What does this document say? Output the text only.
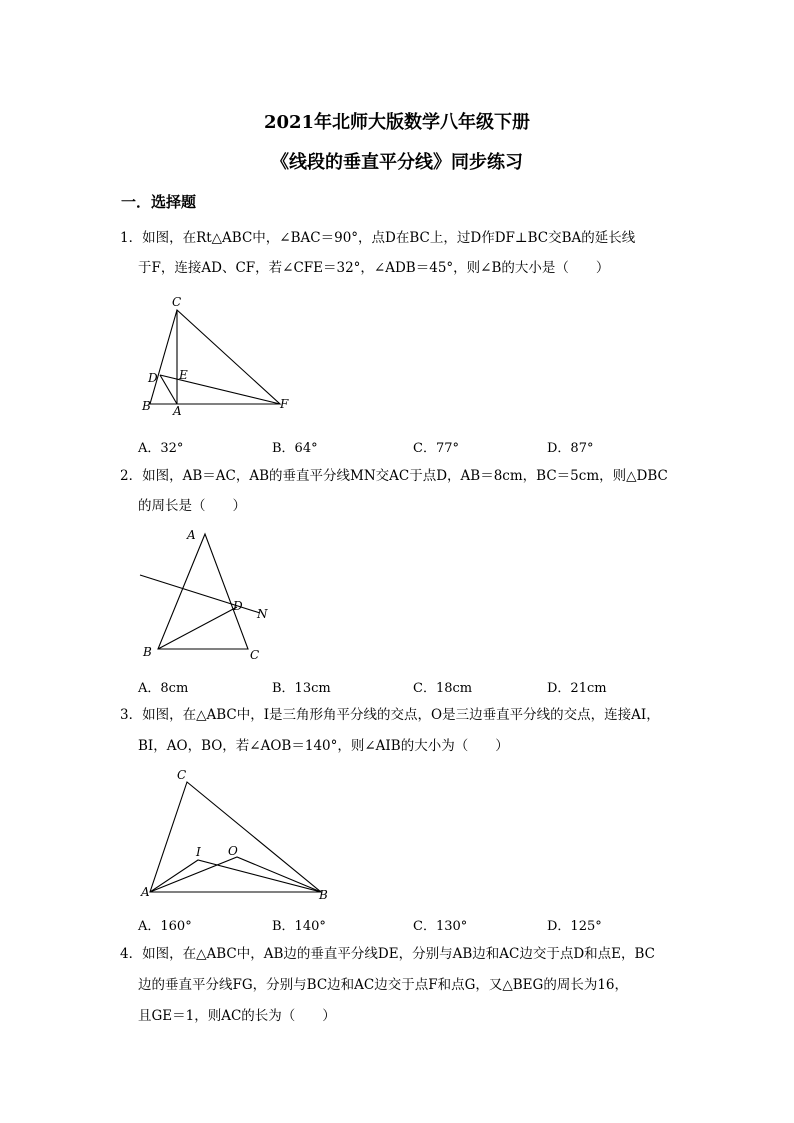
2021年北师大版数学八年级下册
《线段的垂直平分线》同步练习
一．选择题
1．如图，在Rt△ABC中，∠BAC＝90°，点D在BC上，过D作DF⊥BC交BA的延长线
于F，连接AD、CF，若∠CFE＝32°，∠ADB＝45°，则∠B的大小是（　　）
C
D E
B A	F
A．32°	B．64°	C．77°	D．87°
2．如图，AB＝AC，AB的垂直平分线MN交AC于点D，AB＝8cm，BC＝5cm，则△DBC
的周长是（　　）
A
D
N
B	C
A．8cm	B．13cm	C．18cm	D．21cm
3．如图，在△ABC中，I是三角形角平分线的交点，O是三边垂直平分线的交点，连接AI，
BI，AO，BO，若∠AOB＝140°，则∠AIB的大小为（　　）
C
I O
A	B
A．160°	B．140°	C．130°	D．125°
4．如图，在△ABC中，AB边的垂直平分线DE，分别与AB边和AC边交于点D和点E，BC
边的垂直平分线FG，分别与BC边和AC边交于点F和点G，又△BEG的周长为16，
且GE＝1，则AC的长为（　　）
